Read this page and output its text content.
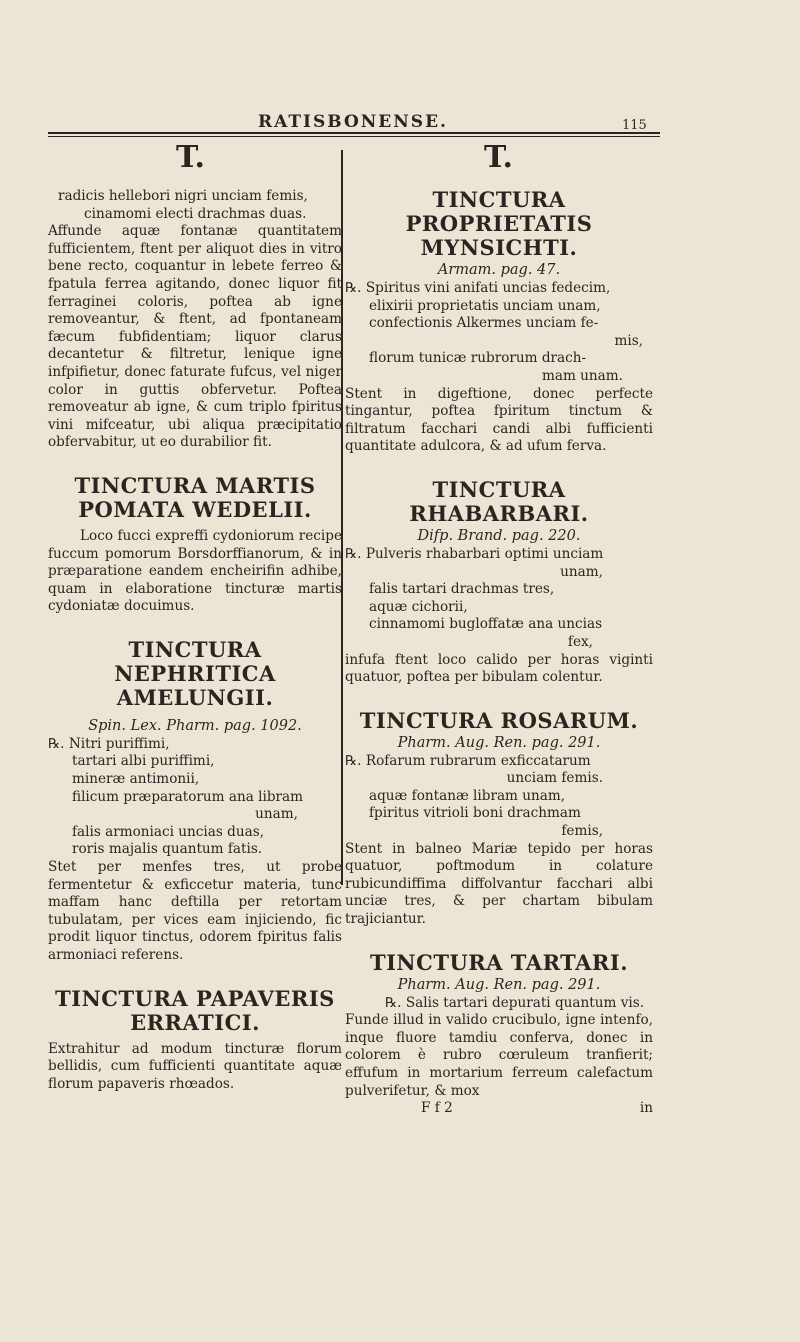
RATISBONENSE.	115
T.	T.

radicis hellebori nigri unciam femis,

cinamomi electi drachmas duas.

Affunde aquæ fontanæ quantitatem fufficientem, ftent per aliquot dies in vitro bene recto, coquantur in lebete ferreo & fpatula ferrea agitando, donec liquor fit ferraginei coloris, poftea ab igne removeantur, & ftent, ad fpontaneam fæcum fubfidentiam; liquor clarus decantetur & filtretur, lenique igne infpifietur, donec faturate fufcus, vel niger color in guttis obfervetur. Poftea removeatur ab igne, & cum triplo fpiritus vini mifceatur, ubi aliqua præcipitatio obfervabitur, ut eo durabilior fit.

TINCTURA MARTIS POMATA WEDELII.

Loco fucci expreffi cydoniorum recipe fuccum pomorum Borsdorffianorum, & in præparatione eandem encheirifin adhibe, quam in elaboratione tincturæ martis cydoniatæ docuimus.

TINCTURA NEPHRITICA AMELUNGII.

Spin. Lex. Pharm. pag. 1092.

℞. Nitri puriffimi,
tartari albi puriffimi,
mineræ antimonii,
filicum præparatorum ana libram
unam,
falis armoniaci uncias duas,
roris majalis quantum fatis.

Stet per menfes tres, ut probe fermentetur & exficcetur materia, tunc maffam hanc deftilla per retortam tubulatam, per vices eam injiciendo, fic prodit liquor tinctus, odorem fpiritus falis armoniaci referens.

TINCTURA PAPAVERIS ERRATICI.

Extrahitur ad modum tincturæ florum bellidis, cum fufficienti quantitate aquæ florum papaveris rhœados.

TINCTURA PROPRIETATIS MYNSICHTI.

Armam. pag. 47.

℞. Spiritus vini anifati uncias fedecim,
elixirii proprietatis unciam unam,
confectionis Alkermes unciam fe-
mis,
florum tunicæ rubrorum drach-
mam unam.

Stent in digeftione, donec perfecte tingantur, poftea fpiritum tinctum & filtratum facchari candi albi fufficienti quantitate adulcora, & ad ufum ferva.

TINCTURA RHABARBARI.

Difp. Brand. pag. 220.

℞. Pulveris rhabarbari optimi unciam
unam,
falis tartari drachmas tres,
aquæ cichorii,
cinnamomi bugloffatæ ana uncias
fex,

infufa ftent loco calido per horas viginti quatuor, poftea per bibulam colentur.

TINCTURA ROSARUM.

Pharm. Aug. Ren. pag. 291.

℞. Rofarum rubrarum exficcatarum
unciam femis.
aquæ fontanæ libram unam,
fpiritus vitrioli boni drachmam
femis,

Stent in balneo Mariæ tepido per horas quatuor, poftmodum in colature rubicundiffima diffolvantur facchari albi unciæ tres, & per chartam bibulam trajiciantur.

TINCTURA TARTARI.

Pharm. Aug. Ren. pag. 291.

℞. Salis tartari depurati quantum vis.

Funde illud in valido crucibulo, igne intenfo, inque fluore tamdiu conferva, donec in colorem è rubro cœruleum tranfierit; effufum in mortarium ferreum calefactum pulverifetur, & mox

F f 2	in
